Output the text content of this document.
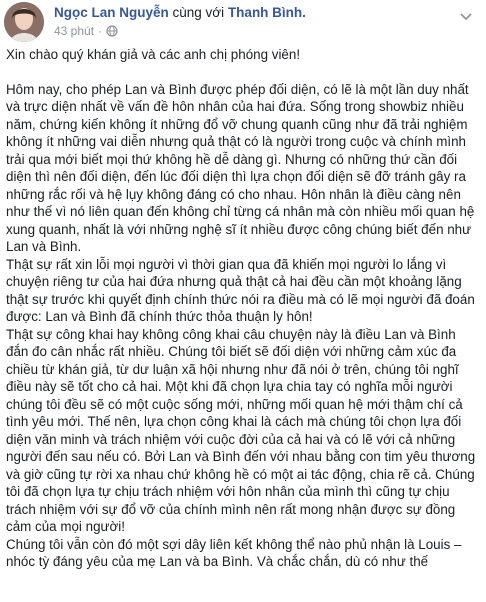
Ngọc Lan Nguyễn cùng với Thanh Bình.
43 phút ·

Xin chào quý khán giả và các anh chị phóng viên!

Hôm nay, cho phép Lan và Bình được phép đối diện, có lẽ là một lần duy nhất và trực diện nhất về vấn đề hôn nhân của hai đứa. Sống trong showbiz nhiều năm, chứng kiến không ít những đổ vỡ chung quanh cũng như đã trải nghiệm không ít những vai diễn nhưng quả thật có là người trong cuộc và chính mình trải qua mới biết mọi thứ không hề dễ dàng gì. Nhưng có những thứ cần đối diện thì nên đối diện, đến lúc đối diện thì lựa chọn đối diện sẽ đỡ tránh gây ra những rắc rối và hệ lụy không đáng có cho nhau. Hôn nhân là điều càng nên như thế vì nó liên quan đến không chỉ từng cá nhân mà còn nhiều mối quan hệ xung quanh, nhất là với những nghệ sĩ ít nhiều được công chúng biết đến như Lan và Bình.

Thật sự rất xin lỗi mọi người vì thời gian qua đã khiến mọi người lo lắng vì chuyện riêng tư của hai đứa nhưng quả thật cả hai đều cần một khoảng lặng thật sự trước khi quyết định chính thức nói ra điều mà có lẽ mọi người đã đoán được: Lan và Bình đã chính thức thỏa thuận ly hôn!

Thật sự công khai hay không công khai câu chuyện này là điều Lan và Bình đắn đo cân nhắc rất nhiều. Chúng tôi biết sẽ đối diện với những cảm xúc đa chiều từ khán giả, từ dư luận xã hội nhưng như đã nói ở trên, chúng tôi nghĩ điều này sẽ tốt cho cả hai. Một khi đã chọn lựa chia tay có nghĩa mỗi người chúng tôi đều sẽ có một cuộc sống mới, những mối quan hệ mới thậm chí cả tình yêu mới. Thế nên, lựa chọn công khai là cách mà chúng tôi chọn lựa đối diện văn minh và trách nhiệm với cuộc đời của cả hai và có lẽ với cả những người đến sau nếu có. Bởi Lan và Bình đến với nhau bằng con tim yêu thương và giờ cũng tự rời xa nhau chứ không hề có một ai tác động, chia rẽ cả. Chúng tôi đã chọn lựa tự chịu trách nhiệm với hôn nhân của mình thì cũng tự chịu trách nhiệm với sự đổ vỡ của chính mình nên rất mong nhận được sự đồng cảm của mọi người!

Chúng tôi vẫn còn đó một sợi dây liên kết không thể nào phủ nhận là Louis – nhóc tỳ đáng yêu của mẹ Lan và ba Bình. Và chắc chắn, dù có như thế
